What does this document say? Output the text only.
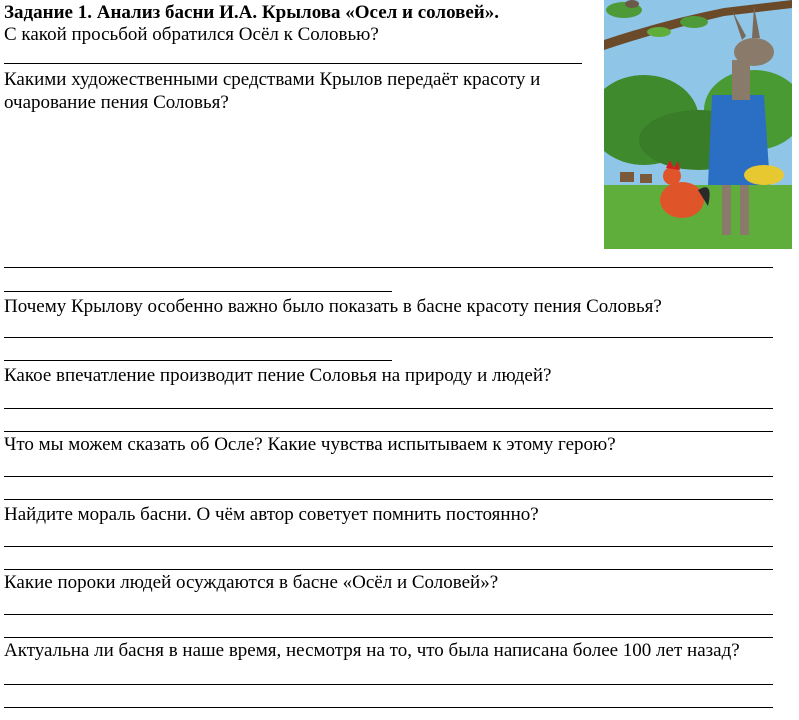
Задание 1. Анализ басни И.А. Крылова «Осел и соловей».
С какой просьбой обратился Осёл к Соловью?
Какими художественными средствами Крылов передаёт красоту и
очарование пения Соловья?
Почему Крылову особенно важно было показать в басне красоту пения Соловья?
Какое впечатление производит пение Соловья на природу и людей?
Что мы можем сказать об Осле? Какие чувства испытываем к этому герою?
Найдите мораль басни. О чём автор советует помнить постоянно?
Какие пороки людей осуждаются в басне «Осёл и Соловей»?
Актуальна ли басня в наше время, несмотря на то, что была написана более 100 лет назад?
